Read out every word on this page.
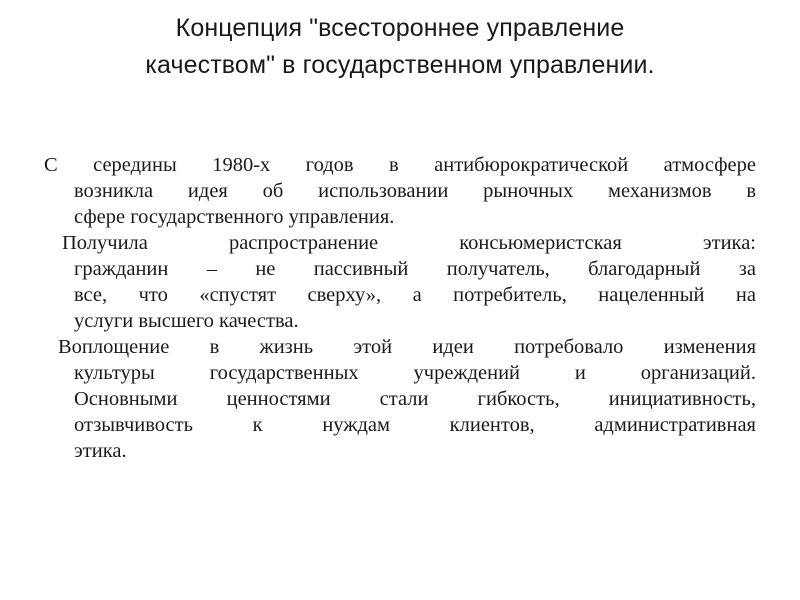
Концепция "всестороннее управление
качеством" в государственном управлении.

С середины 1980-х годов в антибюрократической атмосфере
возникла идея об использовании рыночных механизмов в
сфере государственного управления.

Получила распространение консьюмеристская этика:
гражданин – не пассивный получатель, благодарный за
все, что «спустят сверху», а потребитель, нацеленный на
услуги высшего качества.

Воплощение в жизнь этой идеи потребовало изменения
культуры государственных учреждений и организаций.
Основными ценностями стали гибкость, инициативность,
отзывчивость к нуждам клиентов, административная
этика.
